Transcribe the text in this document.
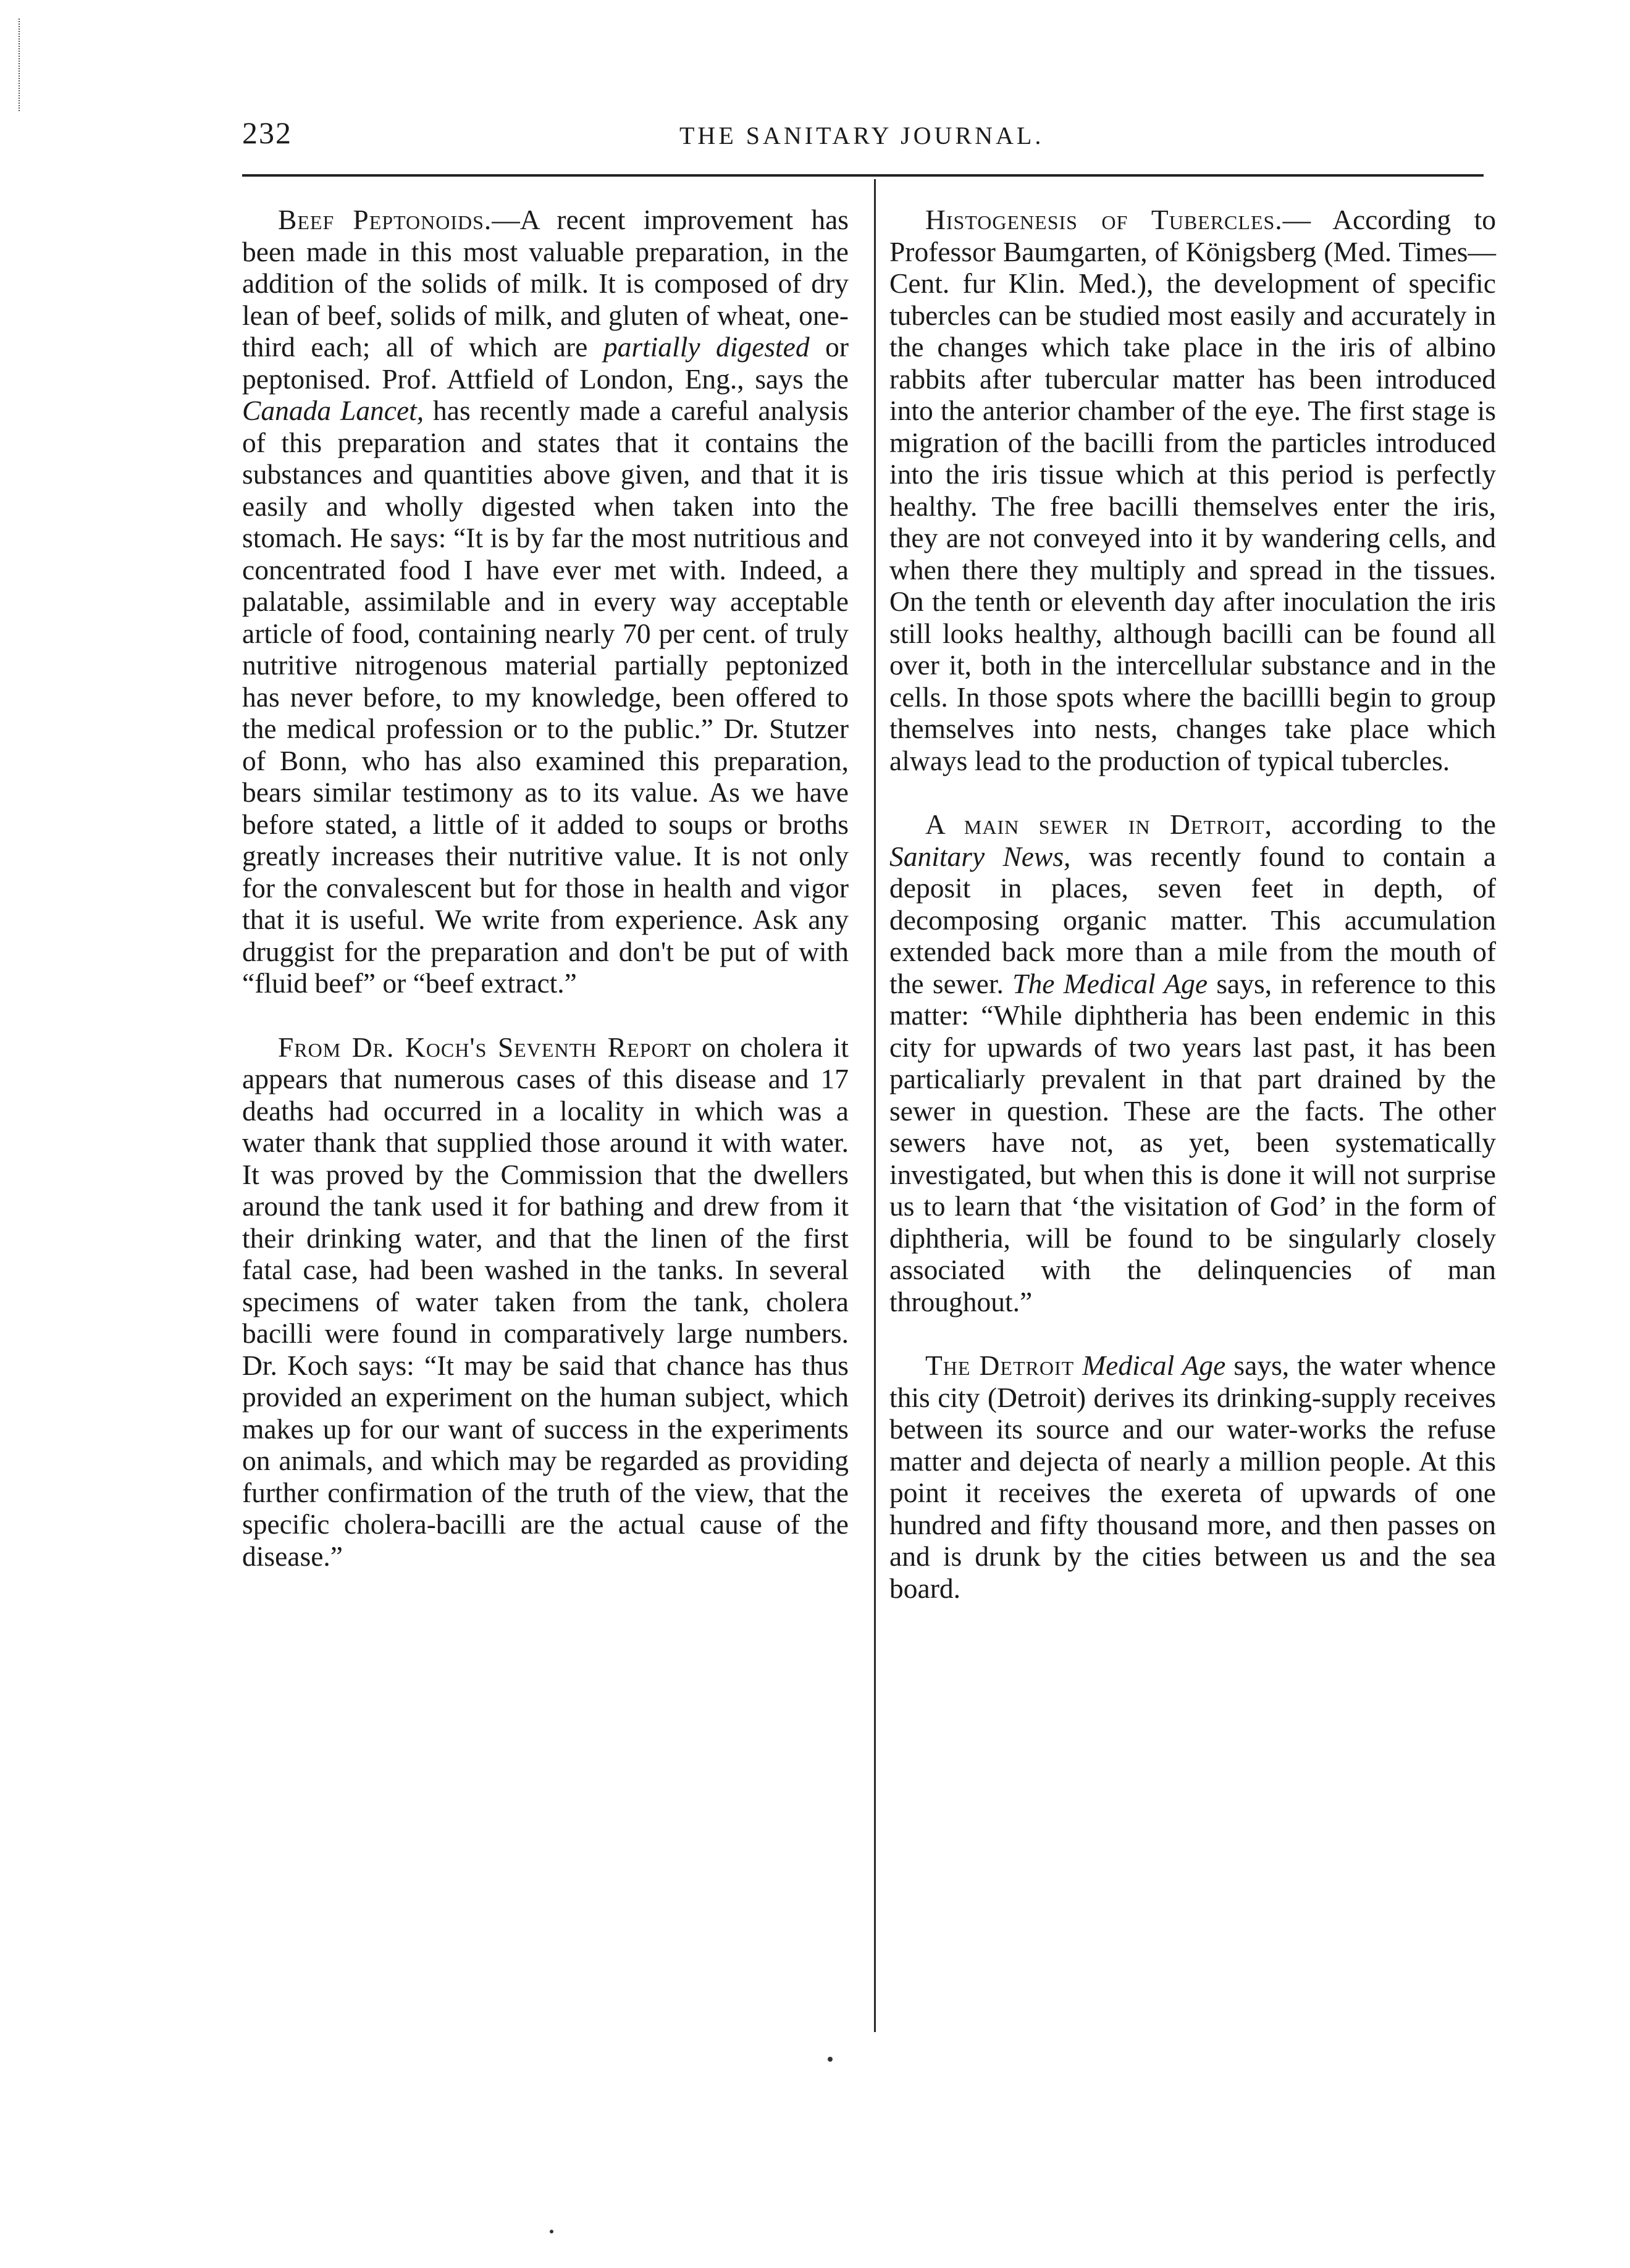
232	THE SANITARY JOURNAL.

Beef Peptonoids.—A recent improvement has been made in this most valuable preparation, in the addition of the solids of milk. It is composed of dry lean of beef, solids of milk, and gluten of wheat, one-third each; all of which are partially digested or peptonised. Prof. Attfield of London, Eng., says the Canada Lancet, has recently made a careful analysis of this preparation and states that it contains the substances and quantities above given, and that it is easily and wholly digested when taken into the stomach. He says: “It is by far the most nutritious and concentrated food I have ever met with. Indeed, a palatable, assimilable and in every way acceptable article of food, containing nearly 70 per cent. of truly nutritive nitrogenous material partially peptonized has never before, to my knowledge, been offered to the medical profession or to the public.” Dr. Stutzer of Bonn, who has also examined this preparation, bears similar testimony as to its value. As we have before stated, a little of it added to soups or broths greatly increases their nutritive value. It is not only for the convalescent but for those in health and vigor that it is useful. We write from experience. Ask any druggist for the preparation and don't be put of with “fluid beef” or “beef extract.”

From Dr. Koch's Seventh Report on cholera it appears that numerous cases of this disease and 17 deaths had occurred in a locality in which was a water thank that supplied those around it with water. It was proved by the Commission that the dwellers around the tank used it for bathing and drew from it their drinking water, and that the linen of the first fatal case, had been washed in the tanks. In several specimens of water taken from the tank, cholera bacilli were found in comparatively large numbers. Dr. Koch says: “It may be said that chance has thus provided an experiment on the human subject, which makes up for our want of success in the experiments on animals, and which may be regarded as providing further confirmation of the truth of the view, that the specific cholera-bacilli are the actual cause of the disease.”

Histogenesis of Tubercles.— According to Professor Baumgarten, of Königsberg (Med. Times—Cent. fur Klin. Med.), the development of specific tubercles can be studied most easily and accurately in the changes which take place in the iris of albino rabbits after tubercular matter has been introduced into the anterior chamber of the eye. The first stage is migration of the bacilli from the particles introduced into the iris tissue which at this period is perfectly healthy. The free bacilli themselves enter the iris, they are not conveyed into it by wandering cells, and when there they multiply and spread in the tissues. On the tenth or eleventh day after inoculation the iris still looks healthy, although bacilli can be found all over it, both in the intercellular substance and in the cells. In those spots where the bacillli begin to group themselves into nests, changes take place which always lead to the production of typical tubercles.

A main sewer in Detroit, according to the Sanitary News, was recently found to contain a deposit in places, seven feet in depth, of decomposing organic matter. This accumulation extended back more than a mile from the mouth of the sewer. The Medical Age says, in reference to this matter: “While diphtheria has been endemic in this city for upwards of two years last past, it has been particaliarly prevalent in that part drained by the sewer in question. These are the facts. The other sewers have not, as yet, been systematically investigated, but when this is done it will not surprise us to learn that ‘the visitation of God’ in the form of diphtheria, will be found to be singularly closely associated with the delinquencies of man throughout.”

The Detroit Medical Age says, the water whence this city (Detroit) derives its drinking-supply receives between its source and our water-works the refuse matter and dejecta of nearly a million people. At this point it receives the exereta of upwards of one hundred and fifty thousand more, and then passes on and is drunk by the cities between us and the sea board.
